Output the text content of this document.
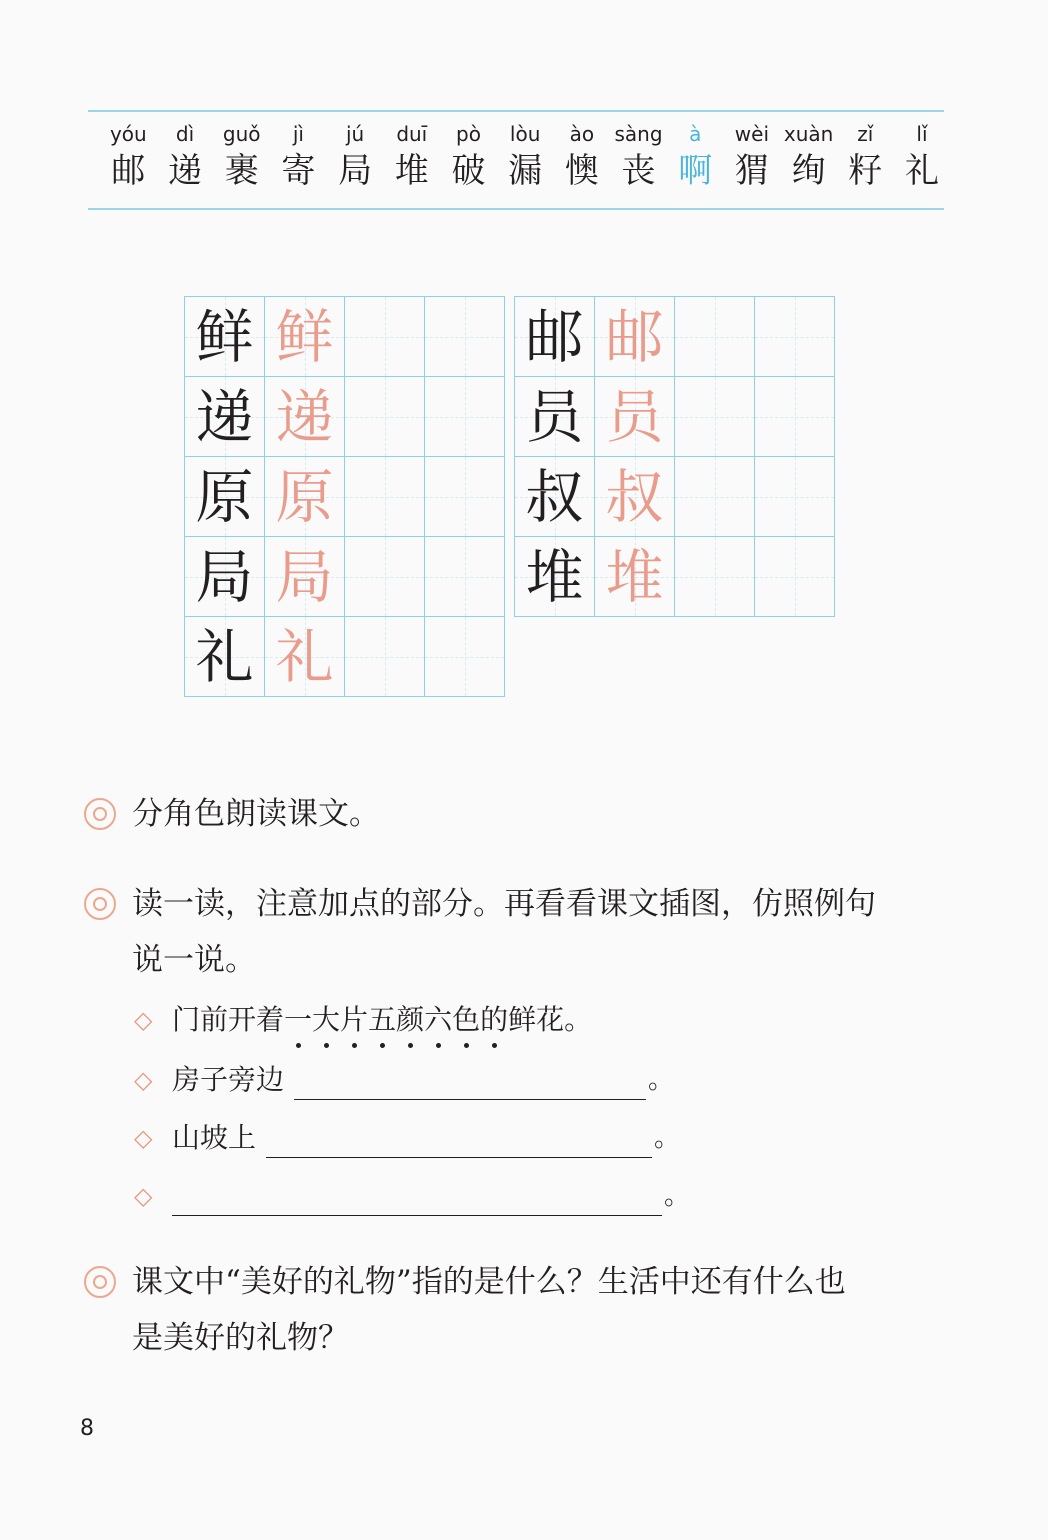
yóu
邮
dì
递
guǒ
裹
jì
寄
jú
局
duī
堆
pò
破
lòu
漏
ào
懊
sàng
丧
à
啊
wèi
猬
xuàn
绚
zǐ
籽
lǐ
礼
鲜 鲜
递 递
原 原
局 局
礼 礼
邮 邮
员 员
叔 叔
堆 堆
分角色朗读课文。
读一读，注意加点的部分。再看看课文插图，仿照例句
说一说。
◇ 门前开着 一 大 片 五 颜 六 色 的 鲜花。
◇ 房子旁边	。
◇ 山坡上	。
◇	。
课文中“美好的礼物”指的是什么？生活中还有什么也
是美好的礼物？
8
